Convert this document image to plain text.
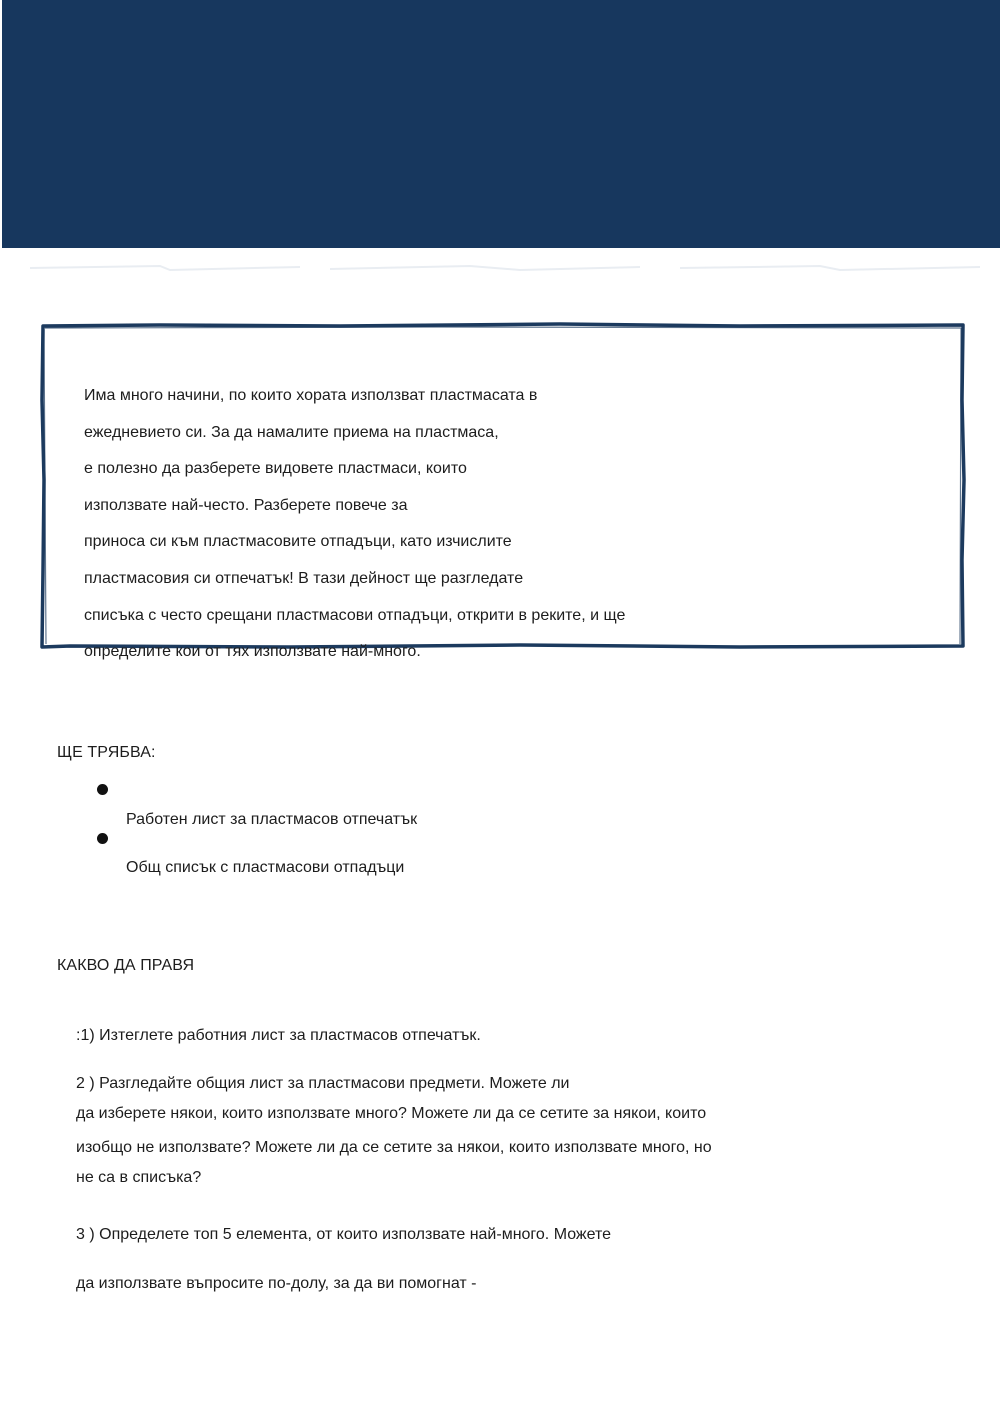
Има много начини, по които хората използват пластмасата в
ежедневието си. За да намалите приема на пластмаса,
е полезно да разберете видовете пластмаси, които
използвате най-често. Разберете повече за
приноса си към пластмасовите отпадъци, като изчислите
пластмасовия си отпечатък! В тази дейност ще разгледате
списъка с често срещани пластмасови отпадъци, открити в реките, и ще
определите кои от тях използвате най-много.

ЩЕ ТРЯБВА:
Работен лист за пластмасов отпечатък
Общ списък с пластмасови отпадъци
КАКВО ДА ПРАВЯ
:1) Изтеглете работния лист за пластмасов отпечатък.
2 ) Разгледайте общия лист за пластмасови предмети. Можете ли
да изберете някои, които използвате много? Можете ли да се сетите за някои, които
изобщо не използвате? Можете ли да се сетите за някои, които използвате много, но
не са в списъка?
3 ) Определете топ 5 елемента, от които използвате най-много. Можете
да използвате въпросите по-долу, за да ви помогнат -
